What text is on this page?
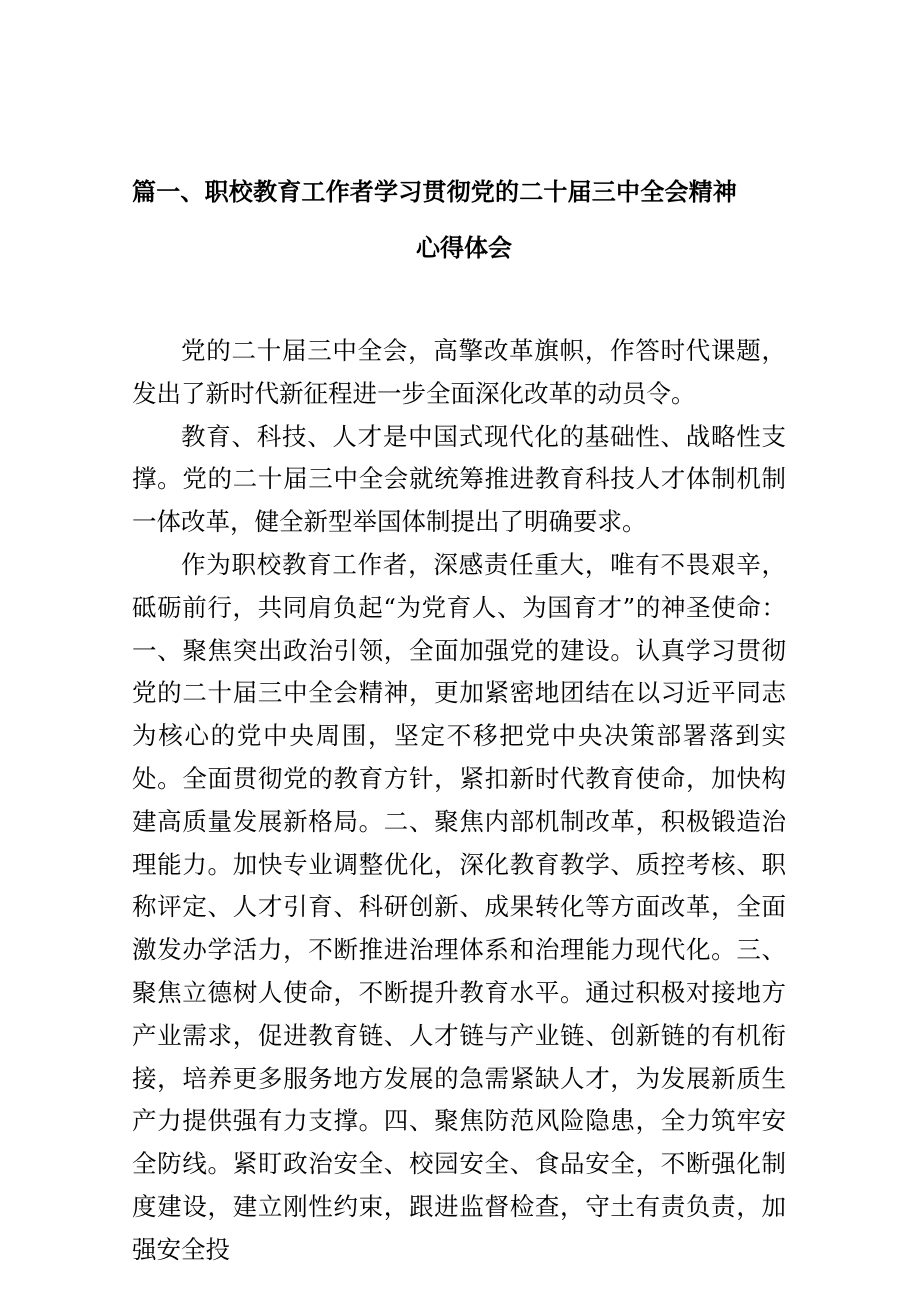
篇一、职校教育工作者学习贯彻党的二十届三中全会精神
心得体会

党的二十届三中全会，高擎改革旗帜，作答时代课题，发出了新时代新征程进一步全面深化改革的动员令。

教育、科技、人才是中国式现代化的基础性、战略性支撑。党的二十届三中全会就统筹推进教育科技人才体制机制一体改革，健全新型举国体制提出了明确要求。

作为职校教育工作者，深感责任重大，唯有不畏艰辛，砥砺前行，共同肩负起“为党育人、为国育才”的神圣使命：一、聚焦突出政治引领，全面加强党的建设。认真学习贯彻党的二十届三中全会精神，更加紧密地团结在以习近平同志为核心的党中央周围，坚定不移把党中央决策部署落到实处。全面贯彻党的教育方针，紧扣新时代教育使命，加快构建高质量发展新格局。二、聚焦内部机制改革，积极锻造治理能力。加快专业调整优化，深化教育教学、质控考核、职称评定、人才引育、科研创新、成果转化等方面改革，全面激发办学活力，不断推进治理体系和治理能力现代化。三、聚焦立德树人使命，不断提升教育水平。通过积极对接地方产业需求，促进教育链、人才链与产业链、创新链的有机衔接，培养更多服务地方发展的急需紧缺人才，为发展新质生产力提供强有力支撑。四、聚焦防范风险隐患，全力筑牢安全防线。紧盯政治安全、校园安全、食品安全，不断强化制度建设，建立刚性约束，跟进监督检查，守土有责负责，加强安全投
